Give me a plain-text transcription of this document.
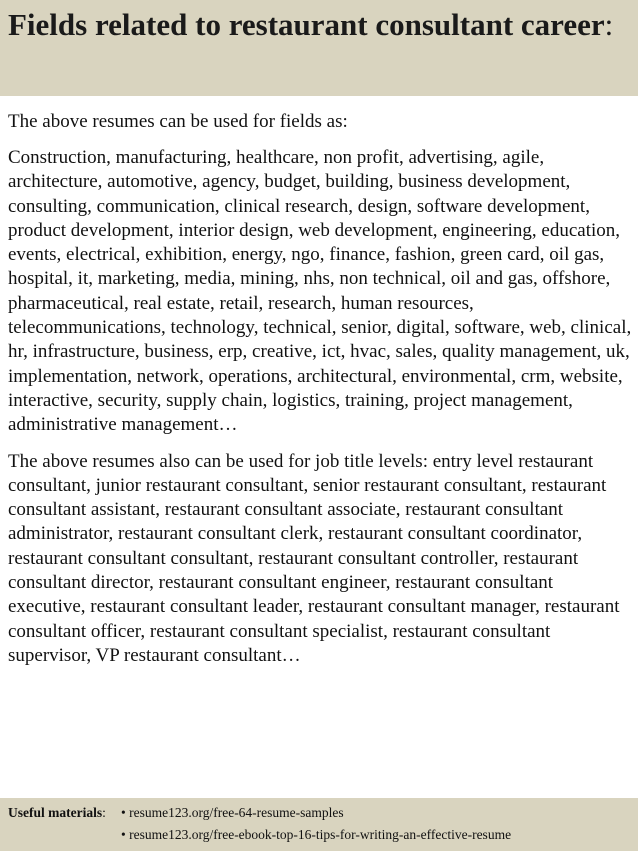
Fields related to restaurant consultant career:

The above resumes can be used for fields as:

Construction, manufacturing, healthcare, non profit, advertising, agile, architecture, automotive, agency, budget, building, business development, consulting, communication, clinical research, design, software development, product development, interior design, web development, engineering, education, events, electrical, exhibition, energy, ngo, finance, fashion, green card, oil gas, hospital, it, marketing, media, mining, nhs, non technical, oil and gas, offshore, pharmaceutical, real estate, retail, research, human resources, telecommunications, technology, technical, senior, digital, software, web, clinical, hr, infrastructure, business, erp, creative, ict, hvac, sales, quality management, uk, implementation, network, operations, architectural, environmental, crm, website, interactive, security, supply chain, logistics, training, project management, administrative management…

The above resumes also can be used for job title levels: entry level restaurant consultant, junior restaurant consultant, senior restaurant consultant, restaurant consultant assistant, restaurant consultant associate, restaurant consultant administrator, restaurant consultant clerk, restaurant consultant coordinator, restaurant consultant consultant, restaurant consultant controller, restaurant consultant director, restaurant consultant engineer, restaurant consultant executive, restaurant consultant leader, restaurant consultant manager, restaurant consultant officer, restaurant consultant specialist, restaurant consultant supervisor, VP restaurant consultant…

Useful materials:	• resume123.org/free-64-resume-samples
• resume123.org/free-ebook-top-16-tips-for-writing-an-effective-resume
